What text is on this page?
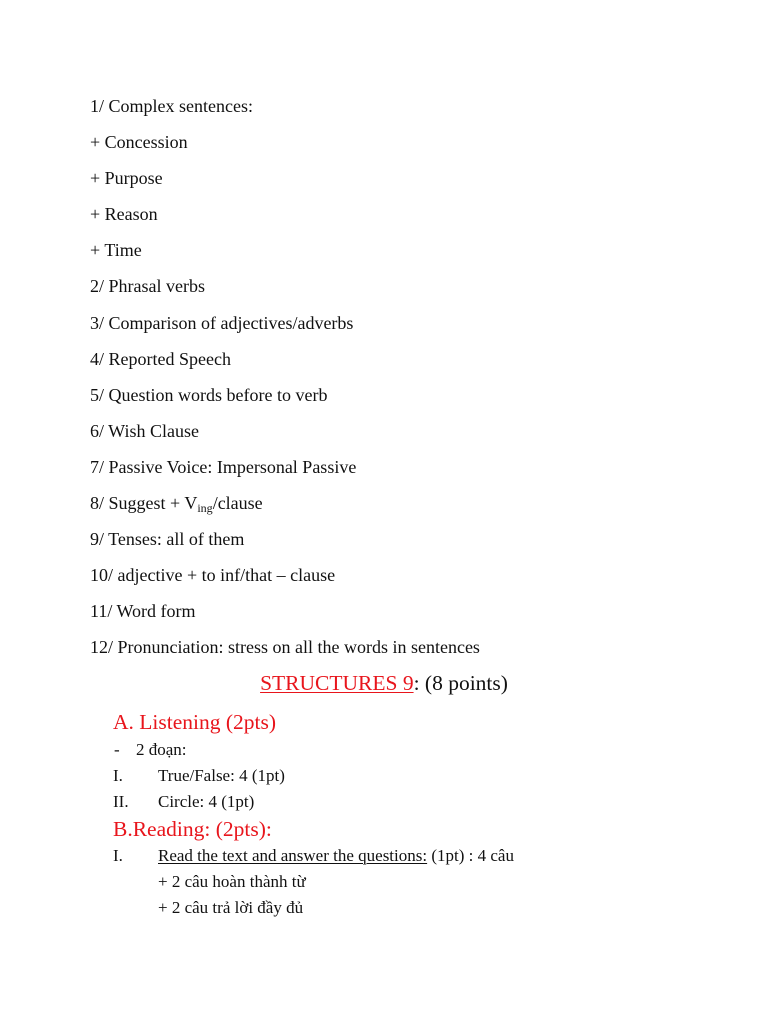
1/ Complex sentences:
+ Concession
+ Purpose
+ Reason
+ Time
2/ Phrasal verbs
3/ Comparison of adjectives/adverbs
4/ Reported Speech
5/ Question words before to verb
6/ Wish Clause
7/ Passive Voice: Impersonal Passive
8/ Suggest + $V_{ing}$/clause
9/ Tenses: all of them
10/ adjective + to inf/that – clause
11/ Word form
12/ Pronunciation: stress on all the words in sentences
STRUCTURES 9: (8 points)
A. Listening (2pts)
- 2 đoạn:
I. True/False: 4 (1pt)
II. Circle: 4 (1pt)
B.Reading: (2pts):
I. Read the text and answer the questions: (1pt) : 4 câu
+ 2 câu hoàn thành từ
+ 2 câu trả lời đầy đủ
